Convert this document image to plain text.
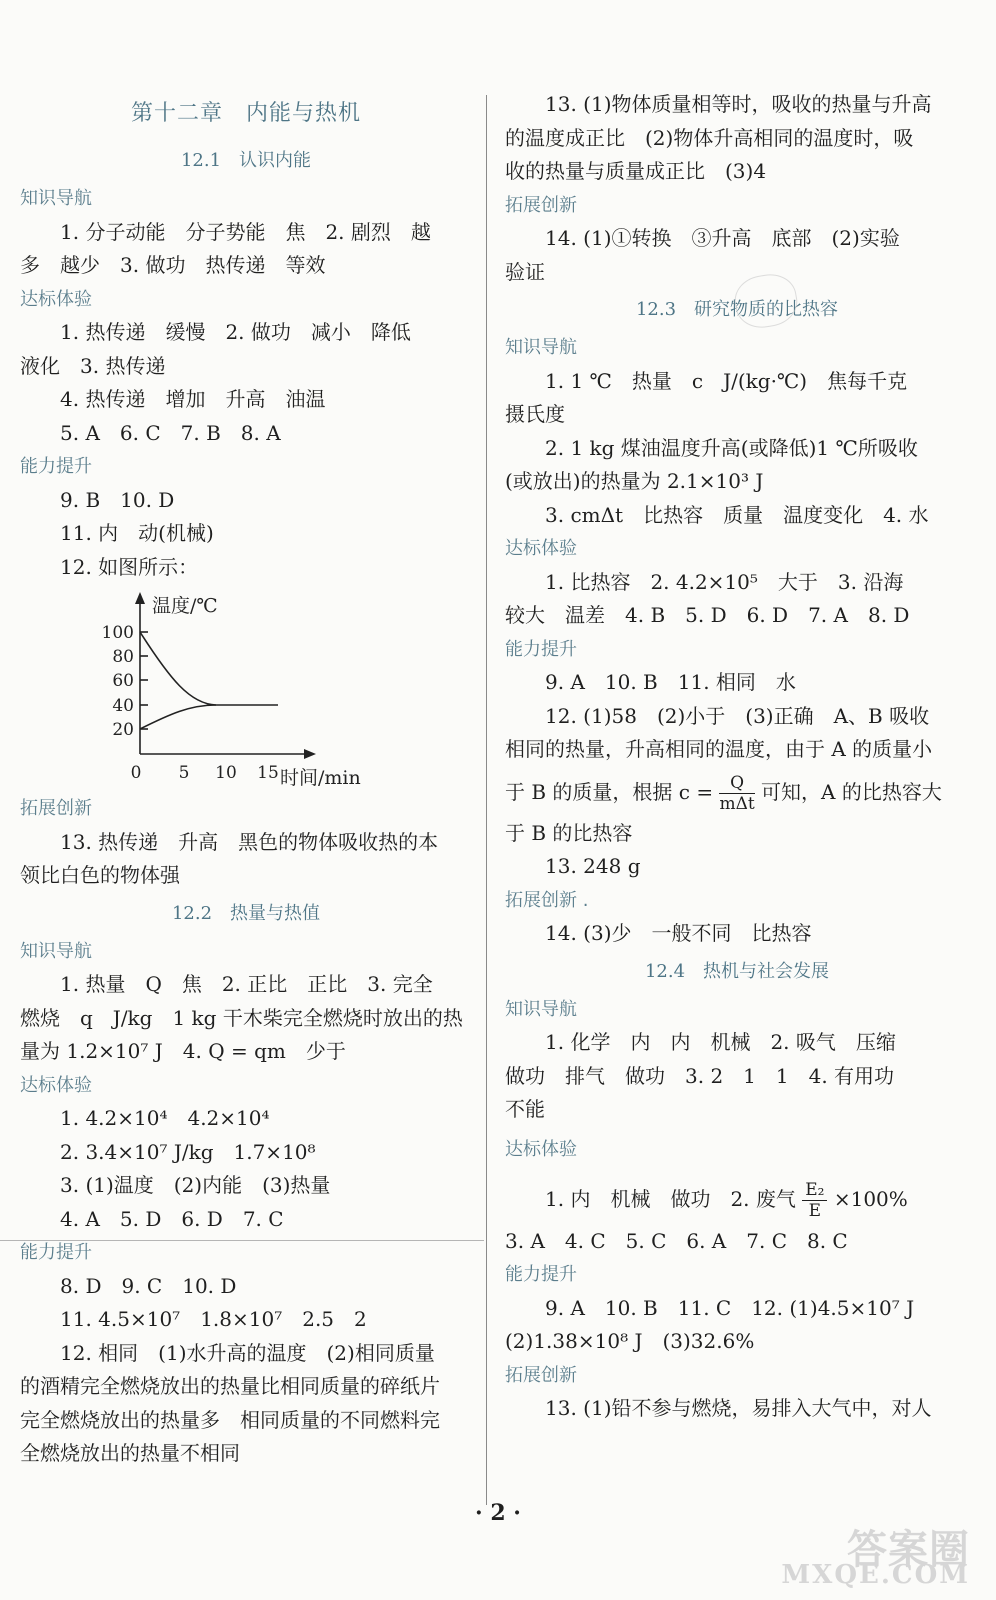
第十二章　内能与热机
12.1　认识内能
知识导航
1. 分子动能　分子势能　焦　2. 剧烈　越
多　越少　3. 做功　热传递　等效
达标体验
1. 热传递　缓慢　2. 做功　减小　降低
液化　3. 热传递
4. 热传递　增加　升高　油温
5. A　6. C　7. B　8. A
能力提升
9. B　10. D
11. 内　动(机械)
12. 如图所示：
温度/℃
100
80
60
40
20
0 5 10 15 时间/min
拓展创新
13. 热传递　升高　黑色的物体吸收热的本
领比白色的物体强
12.2　热量与热值
知识导航
1. 热量　Q　焦　2. 正比　正比　3. 完全
燃烧　q　J/kg　1 kg 干木柴完全燃烧时放出的热
量为 1.2×10⁷ J　4. Q = qm　少于
达标体验
1. 4.2×10⁴　4.2×10⁴
2. 3.4×10⁷ J/kg　1.7×10⁸
3. (1)温度　(2)内能　(3)热量
4. A　5. D　6. D　7. C
能力提升
8. D　9. C　10. D
11. 4.5×10⁷　1.8×10⁷　2.5　2
12. 相同　(1)水升高的温度　(2)相同质量
的酒精完全燃烧放出的热量比相同质量的碎纸片
完全燃烧放出的热量多　相同质量的不同燃料完
全燃烧放出的热量不相同
13. (1)物体质量相等时，吸收的热量与升高
的温度成正比　(2)物体升高相同的温度时，吸
收的热量与质量成正比　(3)4
拓展创新
14. (1)①转换　③升高　底部　(2)实验
验证
12.3　研究物质的比热容
知识导航
1. 1 ℃　热量　c　J/(kg·℃)　焦每千克
摄氏度
2. 1 kg 煤油温度升高(或降低)1 ℃所吸收
(或放出)的热量为 2.1×10³ J
3. cmΔt　比热容　质量　温度变化　4. 水
达标体验
1. 比热容　2. 4.2×10⁵　大于　3. 沿海
较大　温差　4. B　5. D　6. D　7. A　8. D
能力提升
9. A　10. B　11. 相同　水
12. (1)58　(2)小于　(3)正确　A、B 吸收
相同的热量，升高相同的温度，由于 A 的质量小
于 B 的质量，根据 c =	Q
mΔt 可知，A 的比热容大
于 B 的比热容
13. 248 g
拓展创新 .
14. (3)少　一般不同　比热容
12.4　热机与社会发展
知识导航
1. 化学　内　内　机械　2. 吸气　压缩
做功　排气　做功　3. 2　1　1　4. 有用功
不能
达标体验
1. 内　机械　做功　2. 废气 $\frac{\text{E₂}}{E} \times 100\%$
3. A　4. C　5. C　6. A　7. C　8. C
能力提升
9. A　10. B　11. C　12. (1)4.5×10⁷ J
(2)1.38×10⁸ J　(3)32.6%
拓展创新
13. (1)铅不参与燃烧，易排入大气中，对人
· 2 ·
答案圈
MXQE.COM
